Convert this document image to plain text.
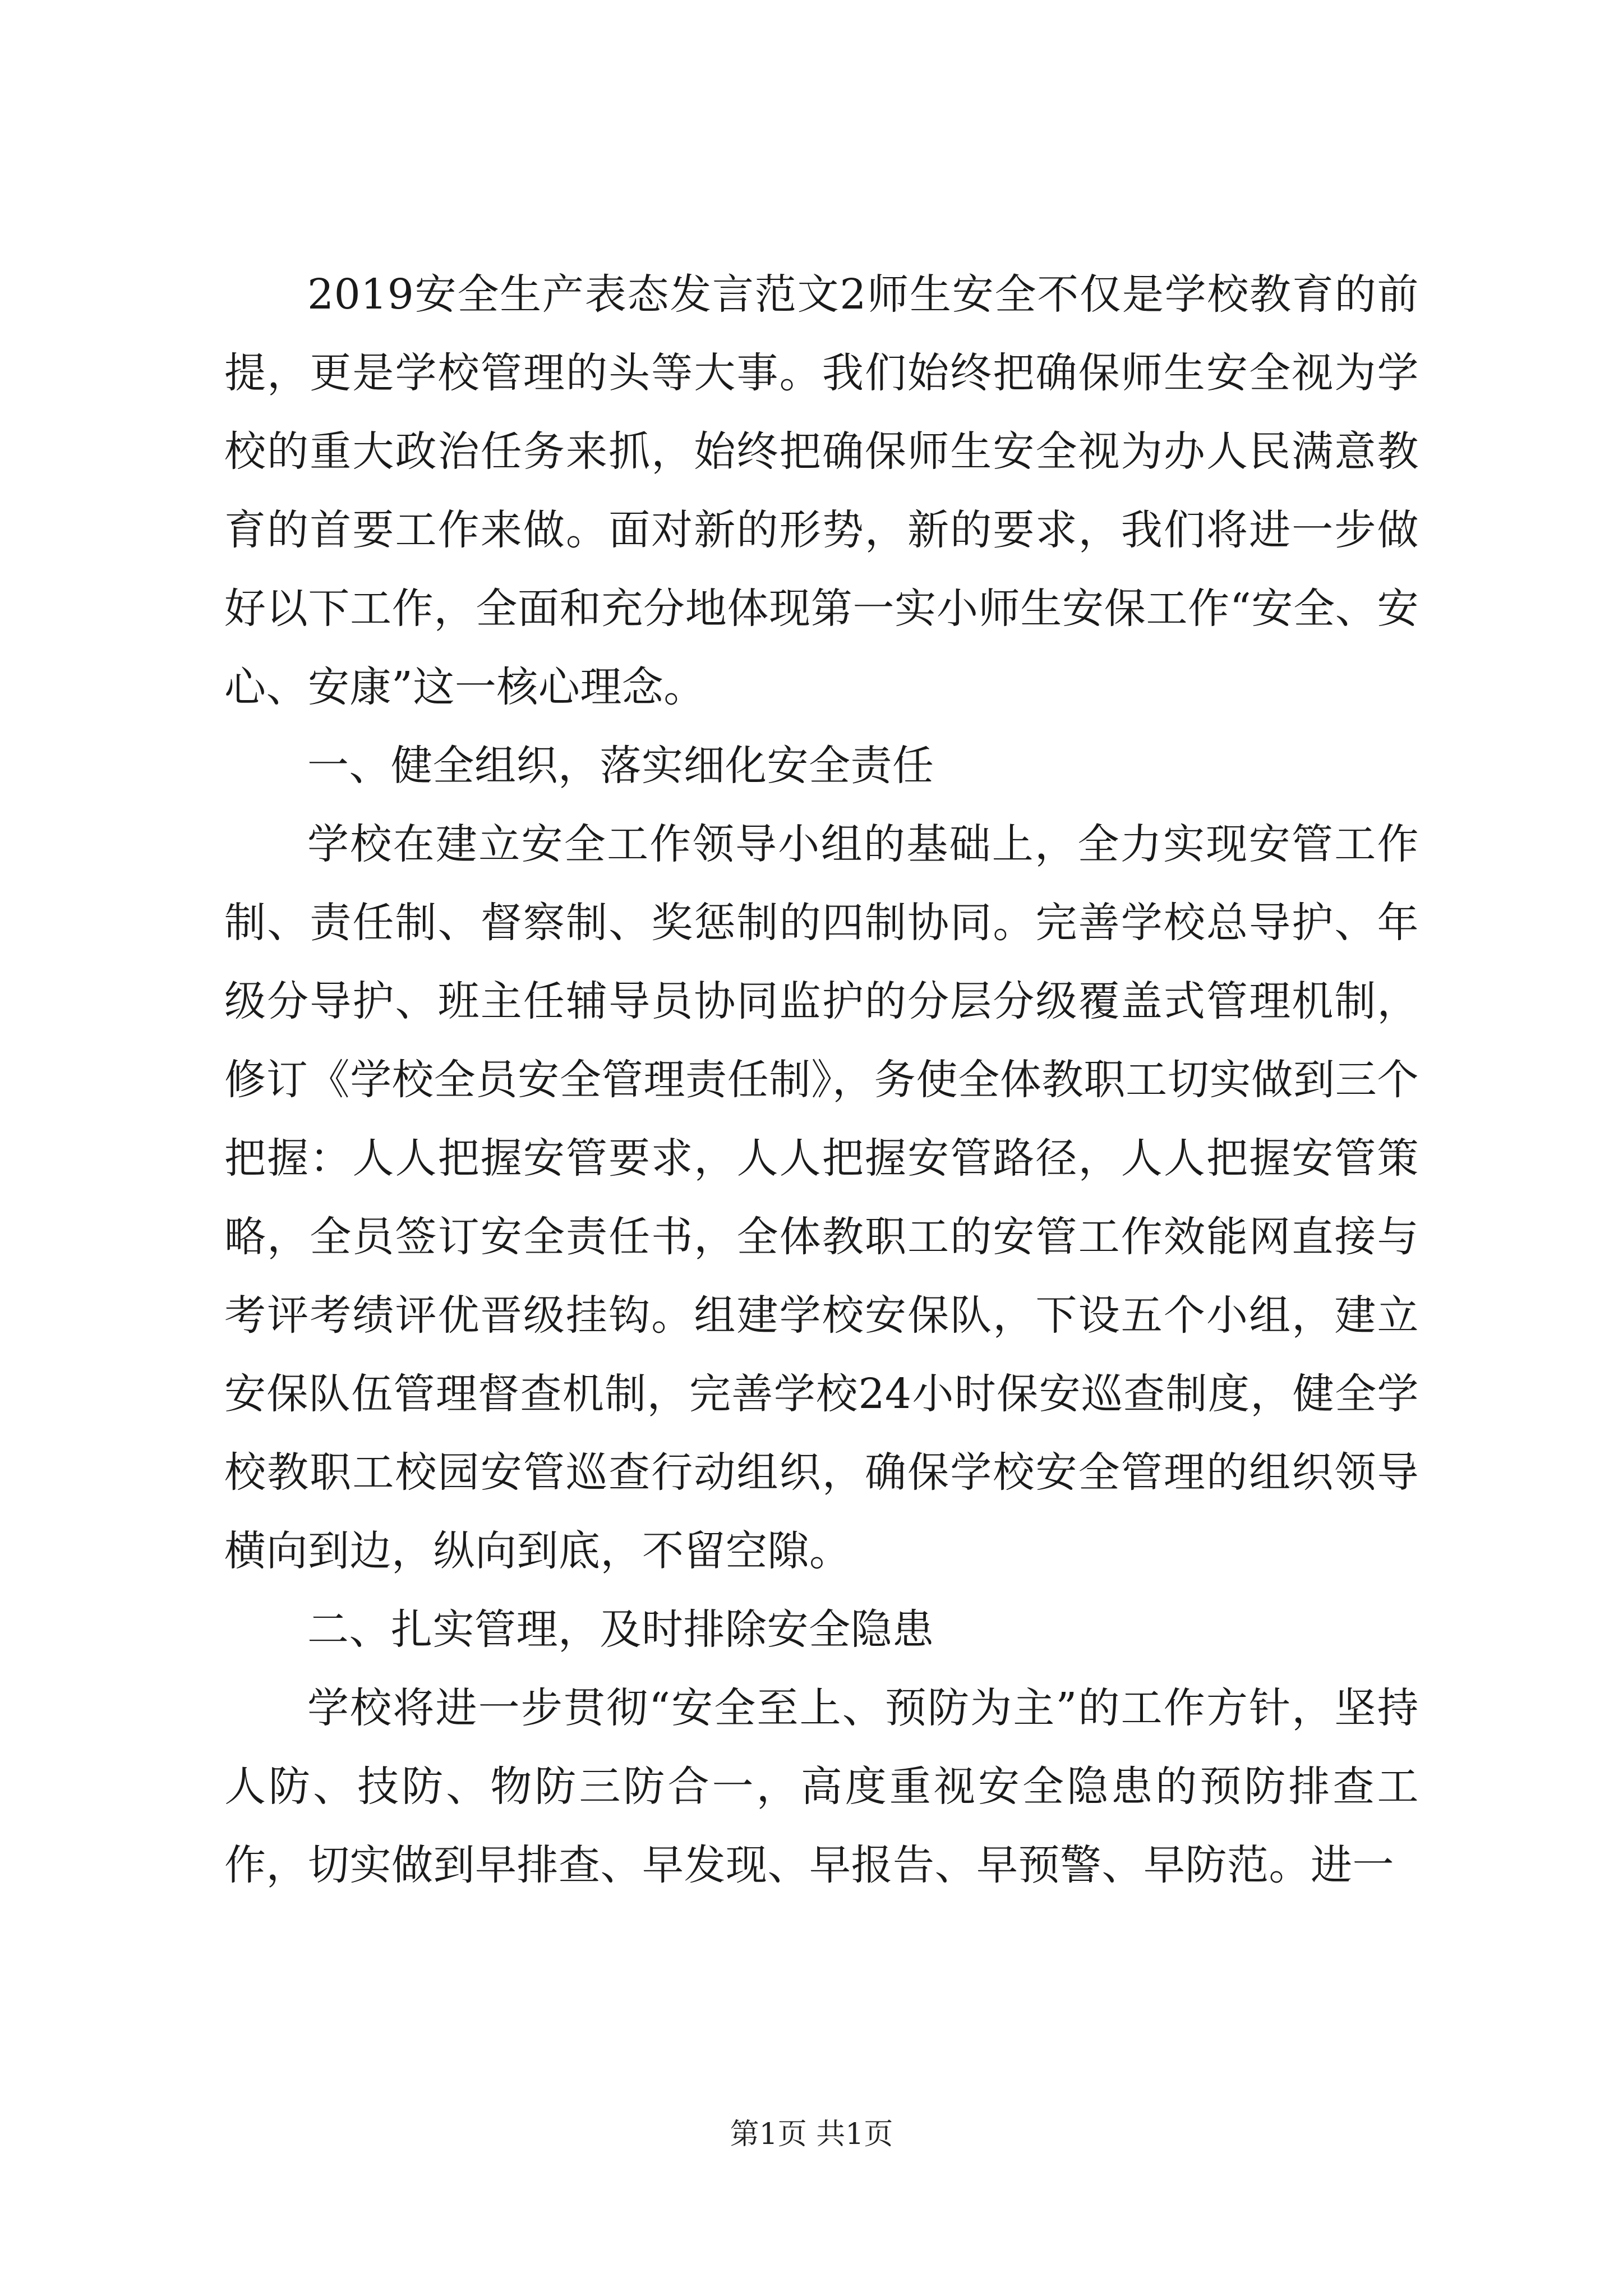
2019安全生产表态发言范文2师生安全不仅是学校教育的前提，更是学校管理的头等大事。我们始终把确保师生安全视为学校的重大政治任务来抓，始终把确保师生安全视为办人民满意教育的首要工作来做。面对新的形势，新的要求，我们将进一步做好以下工作，全面和充分地体现第一实小师生安保工作“安全、安心、安康”这一核心理念。

一、健全组织，落实细化安全责任

学校在建立安全工作领导小组的基础上，全力实现安管工作制、责任制、督察制、奖惩制的四制协同。完善学校总导护、年级分导护、班主任辅导员协同监护的分层分级覆盖式管理机制，修订《学校全员安全管理责任制》，务使全体教职工切实做到三个把握：人人把握安管要求，人人把握安管路径，人人把握安管策略，全员签订安全责任书，全体教职工的安管工作效能网直接与考评考绩评优晋级挂钩。组建学校安保队，下设五个小组，建立安保队伍管理督查机制，完善学校24小时保安巡查制度，健全学校教职工校园安管巡查行动组织，确保学校安全管理的组织领导横向到边，纵向到底，不留空隙。

二、扎实管理，及时排除安全隐患

学校将进一步贯彻“安全至上、预防为主”的工作方针，坚持人防、技防、物防三防合一，高度重视安全隐患的预防排查工作，切实做到早排查、早发现、早报告、早预警、早防范。进一

第1页 共1页
